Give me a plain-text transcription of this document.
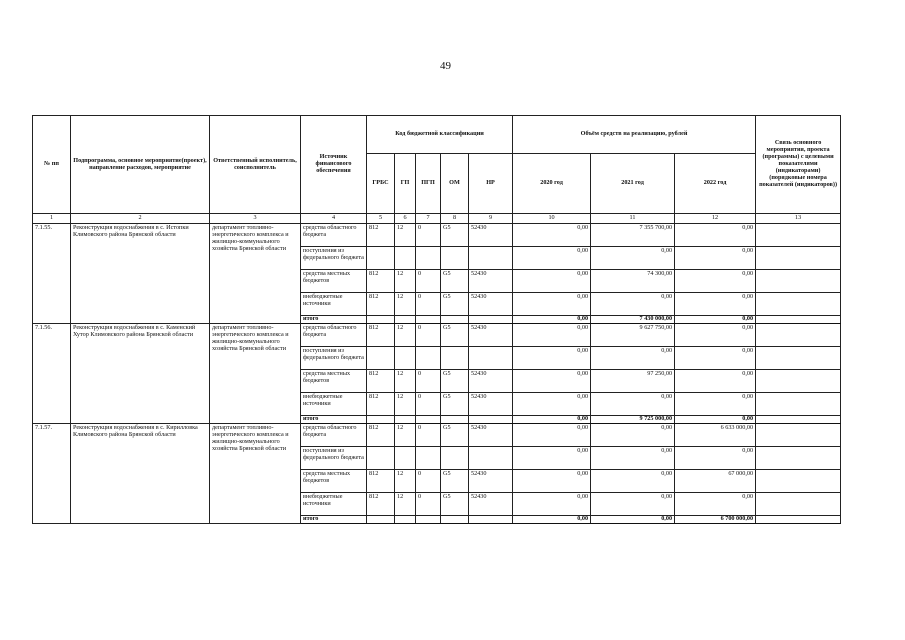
49
№ пп	Подпрограмма, основное мероприятие(проект), направление расходов, мероприятие	Ответственный исполнитель, соисполнитель	Источник финансового обеспечения	Код бюджетной классификации					Объём средств на реализацию, рублей			Связь основного мероприятия, проекта (программы) с целевыми показателями (индикаторами) (порядковые номера показателей (индикаторов))
				ГРБС	ГП	ПГП	ОМ	НР	2020 год	2021 год	2022 год	
1	2	3	4	5	6	7	8	9	10	11	12	13
7.1.55.	Реконструкция водоснабжения в с. Истопки Климовского района Брянской области	департамент топливно-энергетического комплекса и жилищно-коммунального хозяйства Брянской области	средства областного бюджета	812	12	0	G5	52430	0,00	7 355 700,00	0,00	
			поступления из федерального бюджета						0,00	0,00	0,00	
			средства местных бюджетов	812	12	0	G5	52430	0,00	74 300,00	0,00	
			внебюджетные источники	812	12	0	G5	52430	0,00	0,00	0,00	
			итого						0,00	7 430 000,00	0,00	
7.1.56.	Реконструкция водоснабжения в с. Каменский Хутор Климовского района Брянской области	департамент топливно-энергетического комплекса и жилищно-коммунального хозяйства Брянской области	средства областного бюджета	812	12	0	G5	52430	0,00	9 627 750,00	0,00	
			поступления из федерального бюджета						0,00	0,00	0,00	
			средства местных бюджетов	812	12	0	G5	52430	0,00	97 250,00	0,00	
			внебюджетные источники	812	12	0	G5	52430	0,00	0,00	0,00	
			итого						0,00	9 725 000,00	0,00	
7.1.57.	Реконструкция водоснабжения в с. Кирилловка Климовского района Брянской области	департамент топливно-энергетического комплекса и жилищно-коммунального хозяйства Брянской области	средства областного бюджета	812	12	0	G5	52430	0,00	0,00	6 633 000,00	
			поступления из федерального бюджета						0,00	0,00	0,00	
			средства местных бюджетов	812	12	0	G5	52430	0,00	0,00	67 000,00	
			внебюджетные источники	812	12	0	G5	52430	0,00	0,00	0,00	
			итого						0,00	0,00	6 700 000,00	
